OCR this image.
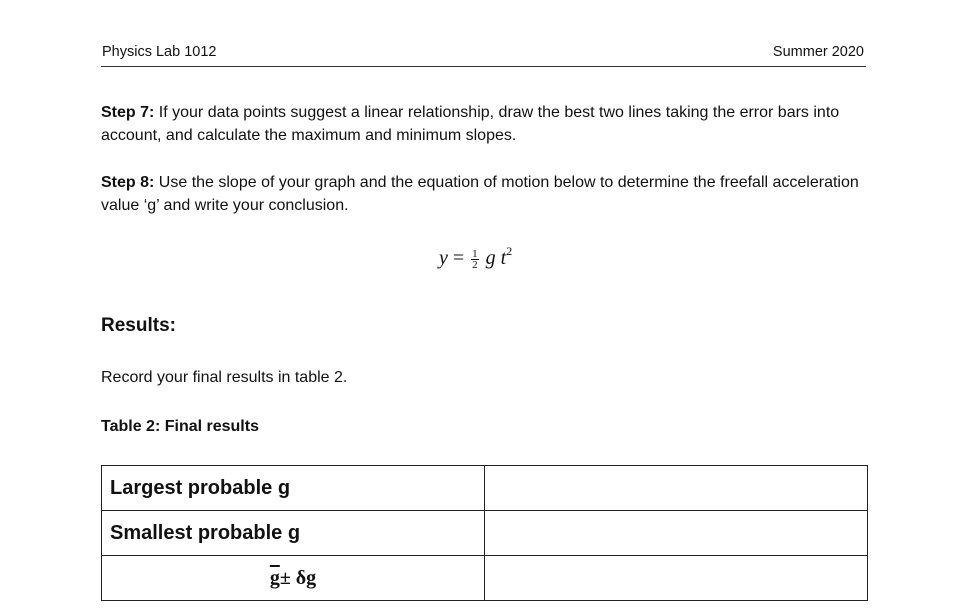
Physics Lab 1012	Summer 2020
Step 7: If your data points suggest a linear relationship, draw the best two lines taking the error bars into account, and calculate the maximum and minimum slopes.
Step 8: Use the slope of your graph and the equation of motion below to determine the freefall acceleration value ‘g’ and write your conclusion.
$y = \frac{1}{2}$ g $t^2$
Results:
Record your final results in table 2.
Table 2: Final results
Largest probable g	
Smallest probable g	
$\overline{g}\pm \delta g$	
